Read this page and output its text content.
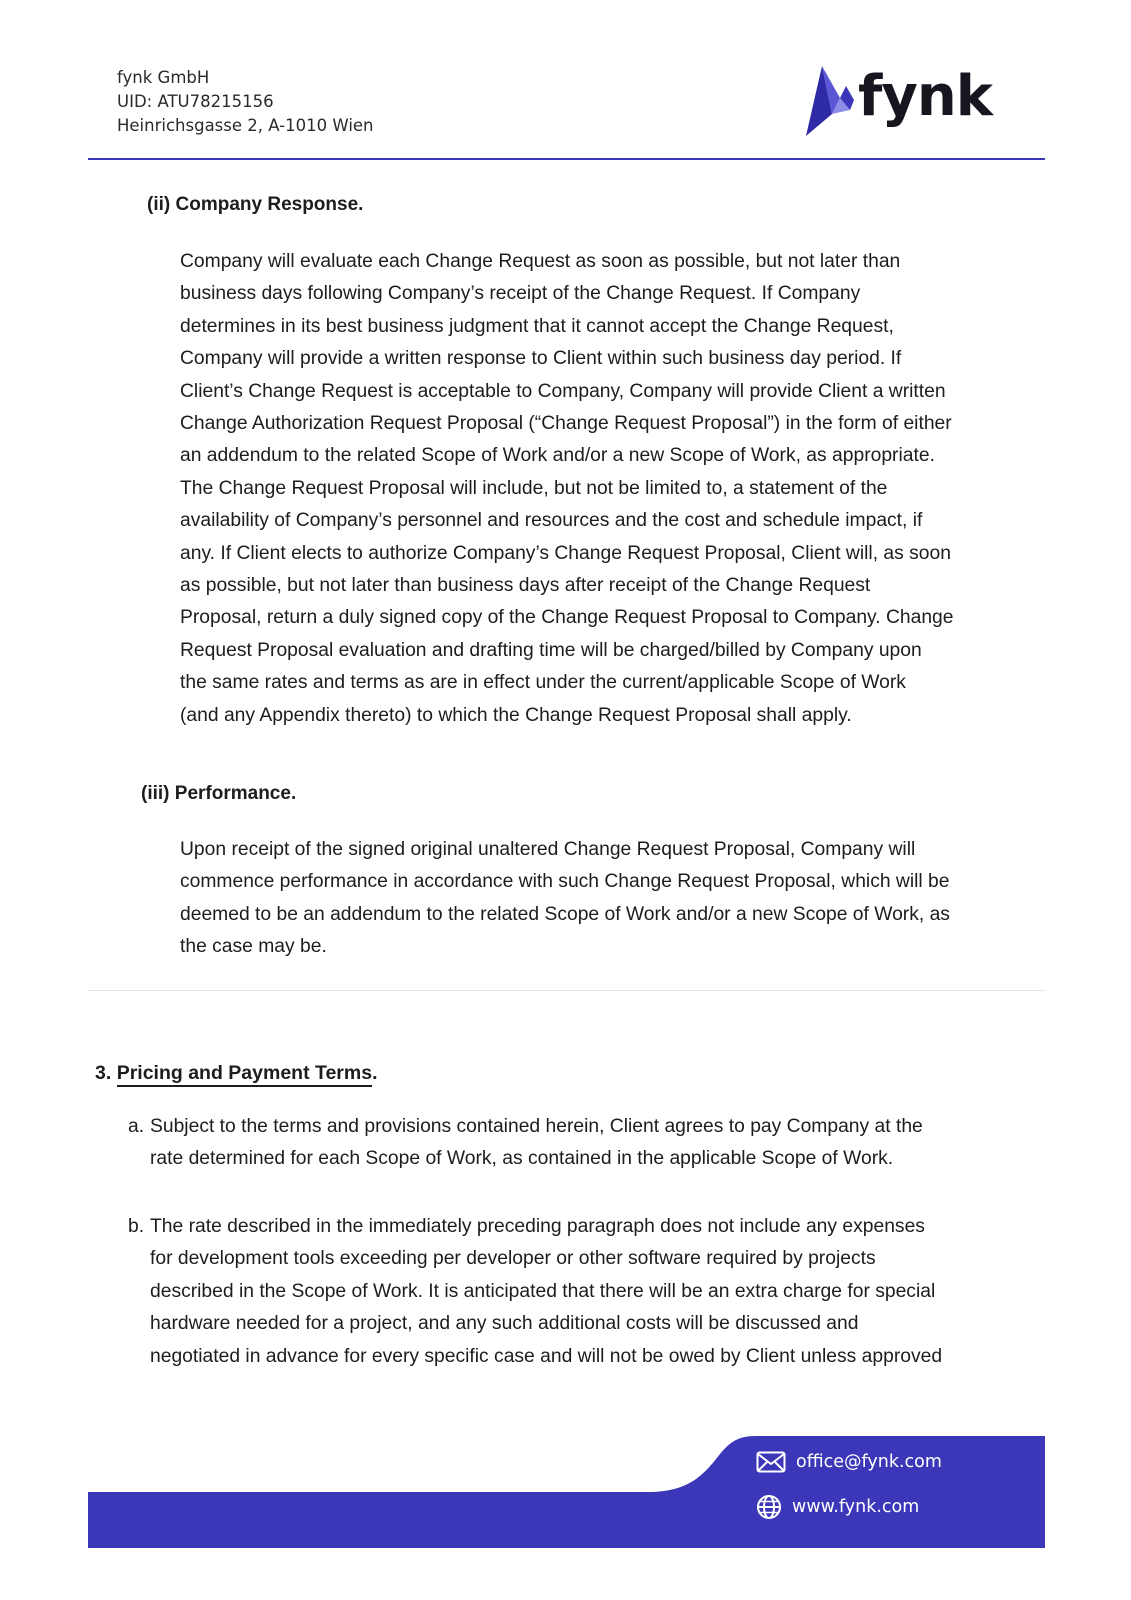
fynk GmbH
UID: ATU78215156
Heinrichsgasse 2, A-1010 Wien	fynk
(ii) Company Response.
Company will evaluate each Change Request as soon as possible, but not later than
business days following Company’s receipt of the Change Request. If Company
determines in its best business judgment that it cannot accept the Change Request,
Company will provide a written response to Client within such business day period. If
Client’s Change Request is acceptable to Company, Company will provide Client a written
Change Authorization Request Proposal (“Change Request Proposal”) in the form of either
an addendum to the related Scope of Work and/or a new Scope of Work, as appropriate.
The Change Request Proposal will include, but not be limited to, a statement of the
availability of Company’s personnel and resources and the cost and schedule impact, if
any. If Client elects to authorize Company’s Change Request Proposal, Client will, as soon
as possible, but not later than business days after receipt of the Change Request
Proposal, return a duly signed copy of the Change Request Proposal to Company. Change
Request Proposal evaluation and drafting time will be charged/billed by Company upon
the same rates and terms as are in effect under the current/applicable Scope of Work
(and any Appendix thereto) to which the Change Request Proposal shall apply.
(iii) Performance.
Upon receipt of the signed original unaltered Change Request Proposal, Company will
commence performance in accordance with such Change Request Proposal, which will be
deemed to be an addendum to the related Scope of Work and/or a new Scope of Work, as
the case may be.
3. Pricing and Payment Terms.
a. Subject to the terms and provisions contained herein, Client agrees to pay Company at the
rate determined for each Scope of Work, as contained in the applicable Scope of Work.
b. The rate described in the immediately preceding paragraph does not include any expenses
for development tools exceeding per developer or other software required by projects
described in the Scope of Work. It is anticipated that there will be an extra charge for special
hardware needed for a project, and any such additional costs will be discussed and
negotiated in advance for every specific case and will not be owed by Client unless approved
office@fynk.com
www.fynk.com
